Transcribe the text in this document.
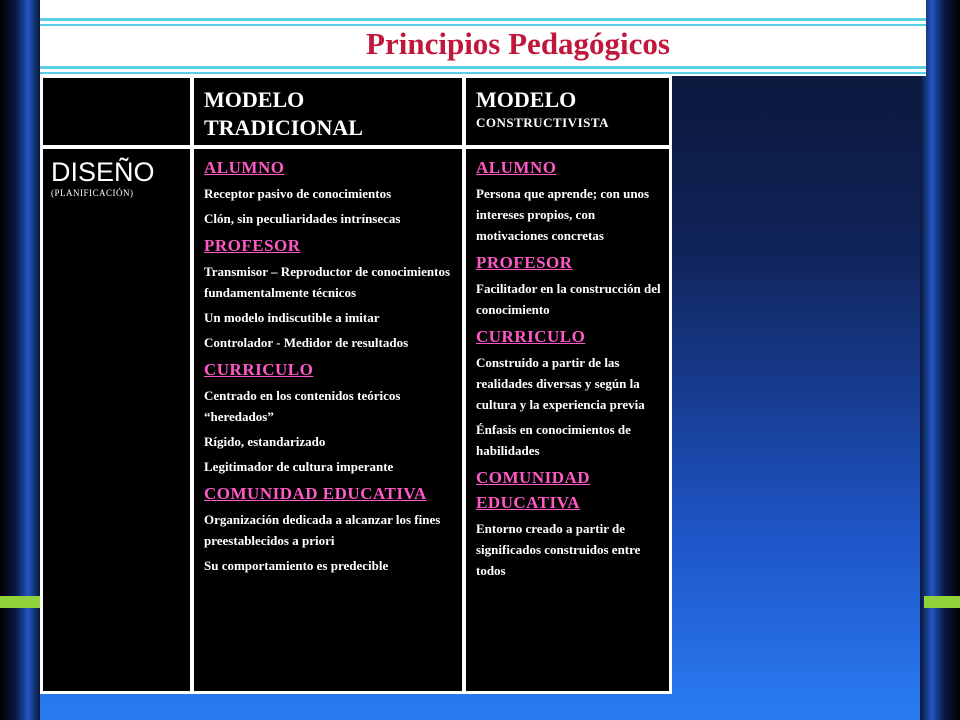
Principios Pedagógicos
MODELO TRADICIONAL
MODELO
CONSTRUCTIVISTA
DISEÑO
(PLANIFICACIÓN)
ALUMNO
Receptor pasivo de conocimientos
Clón, sin peculiaridades intrínsecas
PROFESOR
Transmisor – Reproductor de conocimientos fundamentalmente técnicos
Un modelo indiscutible a imitar
Controlador - Medidor de resultados
CURRICULO
Centrado en los contenidos teóricos “heredados”
Rígido, estandarizado
Legitimador de cultura imperante
COMUNIDAD EDUCATIVA
Organización dedicada a alcanzar los fines preestablecidos a priori
Su comportamiento es predecible
ALUMNO
Persona que aprende; con unos intereses propios, con motivaciones concretas
PROFESOR
Facilitador en la construcción del conocimiento
CURRICULO
Construido a partir de las realidades diversas y según la cultura y la experiencia previa
Énfasis en conocimientos de habilidades
COMUNIDAD EDUCATIVA
Entorno creado a partir de significados construidos entre todos
